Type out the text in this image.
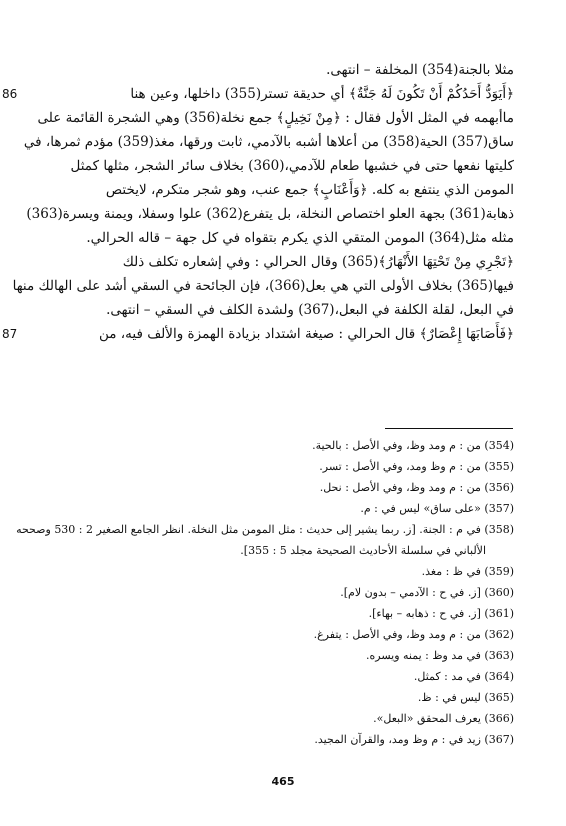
مثلا بالجنة(354) المخلفة – انتهى.
86	﴿أَيَوَدُّ أَحَدُكُمْ أَنْ تَكُونَ لَهُ جَنَّةٌ﴾ أي حديقة تستر(355) داخلها، وعين هنا
ماأبهمه في المثل الأول فقال : ﴿مِنْ نَخِيلٍ﴾ جمع نخلة(356) وهي الشجرة القائمة على
ساق(357) الحية(358) من أعلاها أشبه بالآدمي، ثابت ورقها، مغذ(359) مؤدم ثمرها، في
كليتها نفعها حتى في خشبها طعام للآدمي،(360) بخلاف سائر الشجر، مثلها كمثل
المومن الذي ينتفع به كله. ﴿وَأَعْنَابٍ﴾ جمع عنب، وهو شجر متكرم، لايختص
ذهابة(361) بجهة العلو اختصاص النخلة، بل يتفرع(362) علوا وسفلا، ويمنة ويسرة(363)
مثله مثل(364) المومن المتقي الذي يكرم بتقواه في كل جهة – قاله الحرالي.
﴿تَجْرِي مِنْ تَحْتِهَا الأَنْهَارُ﴾(365) وقال الحرالي : وفي إشعاره تكلف ذلك
فيها(365) بخلاف الأولى التي هي بعل(366)، فإن الجائحة في السقي أشد على الهالك منها
في البعل، لقلة الكلفة في البعل،(367) ولشدة الكلف في السقي – انتهى.
87	﴿فَأَصَابَهَا إِعْصَارٌ﴾ قال الحرالي : صيغة اشتداد بزيادة الهمزة والألف فيه، من
(354) من : م ومد وظ، وفي الأصل : بالحية.
(355) من : م وظ ومد، وفي الأصل : تسر.
(356) من : م ومد وظ، وفي الأصل : نحل.
(357) «على ساق» ليس في : م.
(358) في م : الجنة. [ز. ربما يشير إلى حديث : مثل المومن مثل النخلة. انظر الجامع الصغير 2 : 530 وصححه
الألباني في سلسلة الأحاديث الصحيحة مجلد 5 : 355].
(359) في ظ : مغذ.
(360) [ز. في ح : الآدمي – بدون لام].
(361) [ز. في ح : ذهابه – بهاء].
(362) من : م ومد وظ، وفي الأصل : يتفرغ.
(363) في مد وظ : يمنه ويسره.
(364) في مد : كمثل.
(365) ليس في : ظ.
(366) يعرف المحقق «البعل».
(367) زيد في : م وظ ومد، والقرآن المجيد.
465
